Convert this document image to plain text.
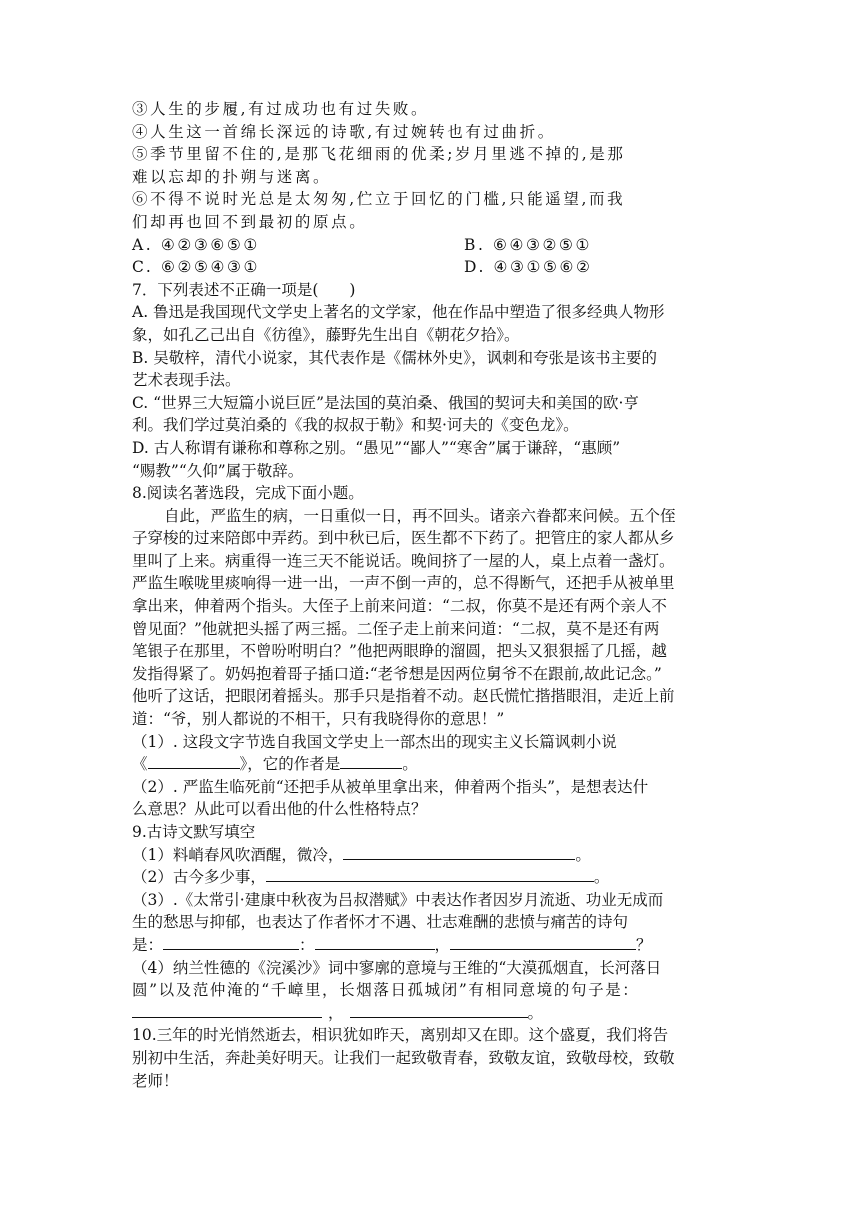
③人生的步履,有过成功也有过失败。
④人生这一首绵长深远的诗歌,有过婉转也有过曲折。
⑤季节里留不住的,是那飞花细雨的优柔;岁月里逃不掉的,是那
难以忘却的扑朔与迷离。
⑥不得不说时光总是太匆匆,伫立于回忆的门槛,只能遥望,而我
们却再也回不到最初的原点。
A. ④②③⑥⑤①	B. ⑥④③②⑤①
C. ⑥②⑤④③①	D. ④③①⑤⑥②
7．下列表述不正确一项是(　　)
A. 鲁迅是我国现代文学史上著名的文学家，他在作品中塑造了很多经典人物形
象，如孔乙己出自《彷徨》，藤野先生出自《朝花夕拾》。
B. 吴敬梓，清代小说家，其代表作是《儒林外史》，讽刺和夸张是该书主要的
艺术表现手法。
C. “世界三大短篇小说巨匠”是法国的莫泊桑、俄国的契诃夫和美国的欧·亨
利。我们学过莫泊桑的《我的叔叔于勒》和契·诃夫的《变色龙》。
D. 古人称谓有谦称和尊称之别。“愚见”“鄙人”“寒舍”属于谦辞，“惠顾”
“赐教”“久仰”属于敬辞。
8.阅读名著选段，完成下面小题。
自此，严监生的病，一日重似一日，再不回头。诸亲六眷都来问候。五个侄
子穿梭的过来陪郎中弄药。到中秋已后，医生都不下药了。把管庄的家人都从乡
里叫了上来。病重得一连三天不能说话。晚间挤了一屋的人，桌上点着一盏灯。
严监生喉咙里痰响得一进一出，一声不倒一声的，总不得断气，还把手从被单里
拿出来，伸着两个指头。大侄子上前来问道：“二叔，你莫不是还有两个亲人不
曾见面？”他就把头摇了两三摇。二侄子走上前来问道：“二叔，莫不是还有两
笔银子在那里，不曾吩咐明白？”他把两眼睁的溜圆，把头又狠狠摇了几摇，越
发指得紧了。奶妈抱着哥子插口道:“老爷想是因两位舅爷不在跟前,故此记念。”
他听了这话，把眼闭着摇头。那手只是指着不动。赵氏慌忙揩揩眼泪，走近上前
道：“爷，别人都说的不相干，只有我晓得你的意思！”
（1）. 这段文字节选自我国文学史上一部杰出的现实主义长篇讽刺小说
《	》，它的作者是	。
（2）. 严监生临死前“还把手从被单里拿出来，伸着两个指头”，是想表达什
么意思？从此可以看出他的什么性格特点？
9.古诗文默写填空
（1）料峭春风吹酒醒，微冷，	。
（2）古今多少事，	。
（3）.《太常引·建康中秋夜为吕叔潜赋》中表达作者因岁月流逝、功业无成而
生的愁思与抑郁，也表达了作者怀才不遇、壮志难酬的悲愤与痛苦的诗句
是：	：	，	？
（4）纳兰性德的《浣溪沙》词中寥廓的意境与王维的“大漠孤烟直，长河落日
圆”以及范仲淹的“千嶂里，长烟落日孤城闭”有相同意境的句子是：
，	。
10.三年的时光悄然逝去，相识犹如昨天，离别却又在即。这个盛夏，我们将告
别初中生活，奔赴美好明天。让我们一起致敬青春，致敬友谊，致敬母校，致敬
老师！
